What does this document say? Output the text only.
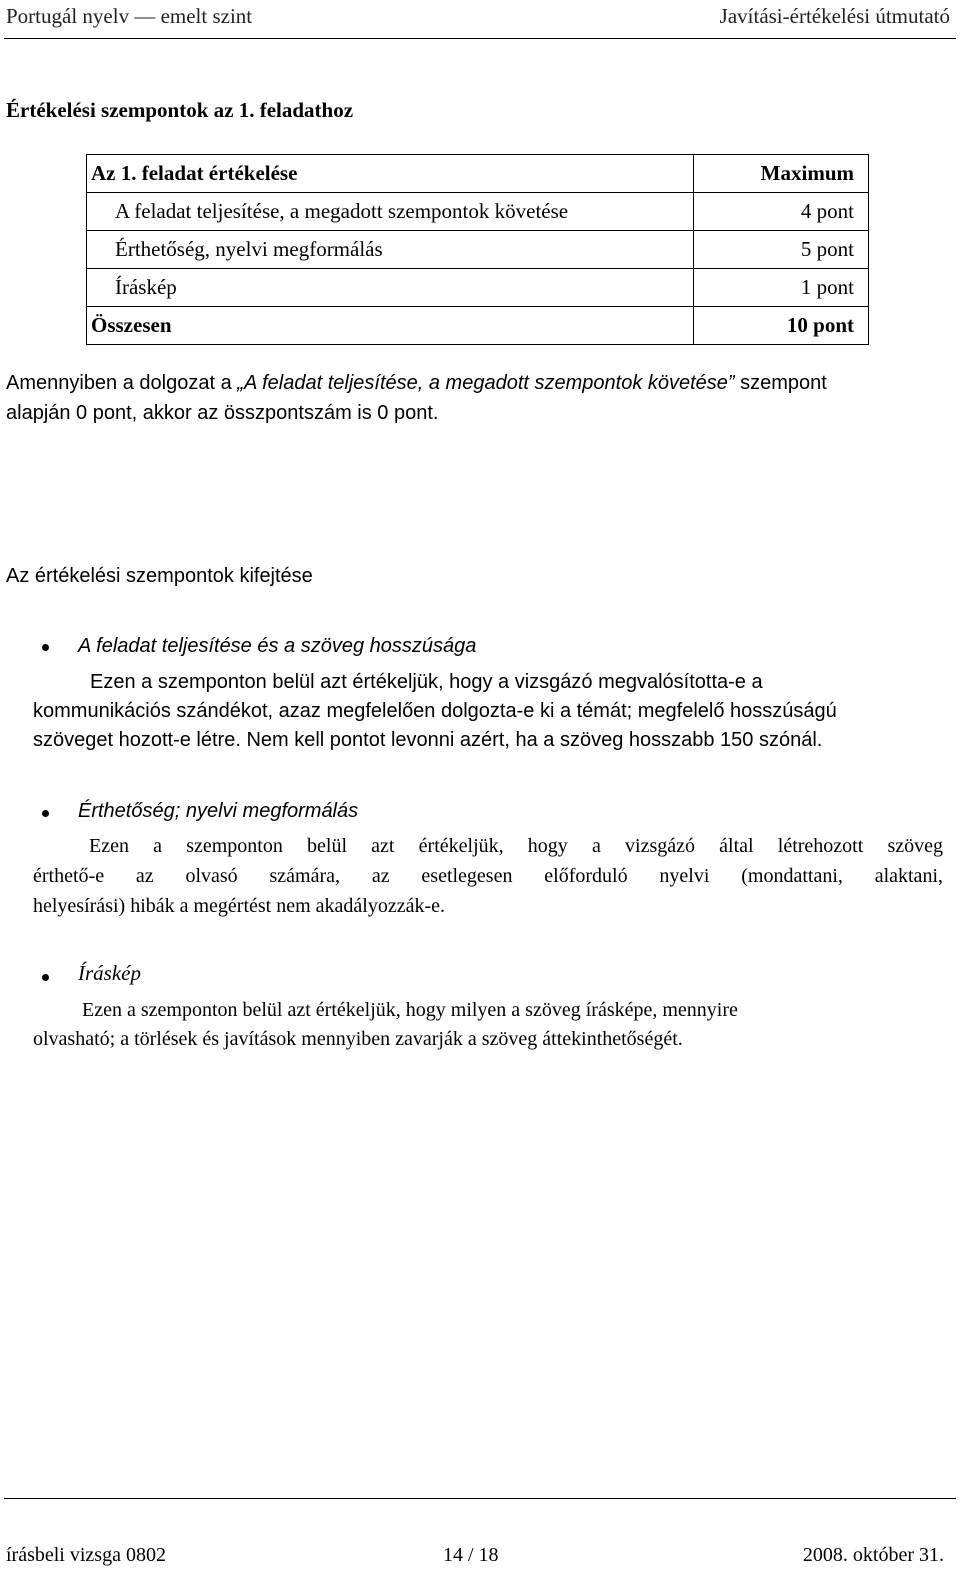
Portugál nyelv — emelt szint	Javítási-értékelési útmutató
Értékelési szempontok az 1. feladathoz
Az 1. feladat értékelése	Maximum
A feladat teljesítése, a megadott szempontok követése	4 pont
Érthetőség, nyelvi megformálás	5 pont
Íráskép	1 pont
Összesen	10 pont
Amennyiben a dolgozat a „A feladat teljesítése, a megadott szempontok követése” szempont
alapján 0 pont, akkor az összpontszám is 0 pont.
Az értékelési szempontok kifejtése
A feladat teljesítése és a szöveg hosszúsága
Ezen a szemponton belül azt értékeljük, hogy a vizsgázó megvalósította-e a
kommunikációs szándékot, azaz megfelelően dolgozta-e ki a témát; megfelelő hosszúságú
szöveget hozott-e létre. Nem kell pontot levonni azért, ha a szöveg hosszabb 150 szónál.
Érthetőség; nyelvi megformálás
Ezen a szemponton belül azt értékeljük, hogy a vizsgázó által létrehozott szöveg
érthető-e az olvasó számára, az esetlegesen előforduló nyelvi (mondattani, alaktani,
helyesírási) hibák a megértést nem akadályozzák-e.
Íráskép
Ezen a szemponton belül azt értékeljük, hogy milyen a szöveg írásképe, mennyire
olvasható; a törlések és javítások mennyiben zavarják a szöveg áttekinthetőségét.
írásbeli vizsga 0802	14 / 18	2008. október 31.
